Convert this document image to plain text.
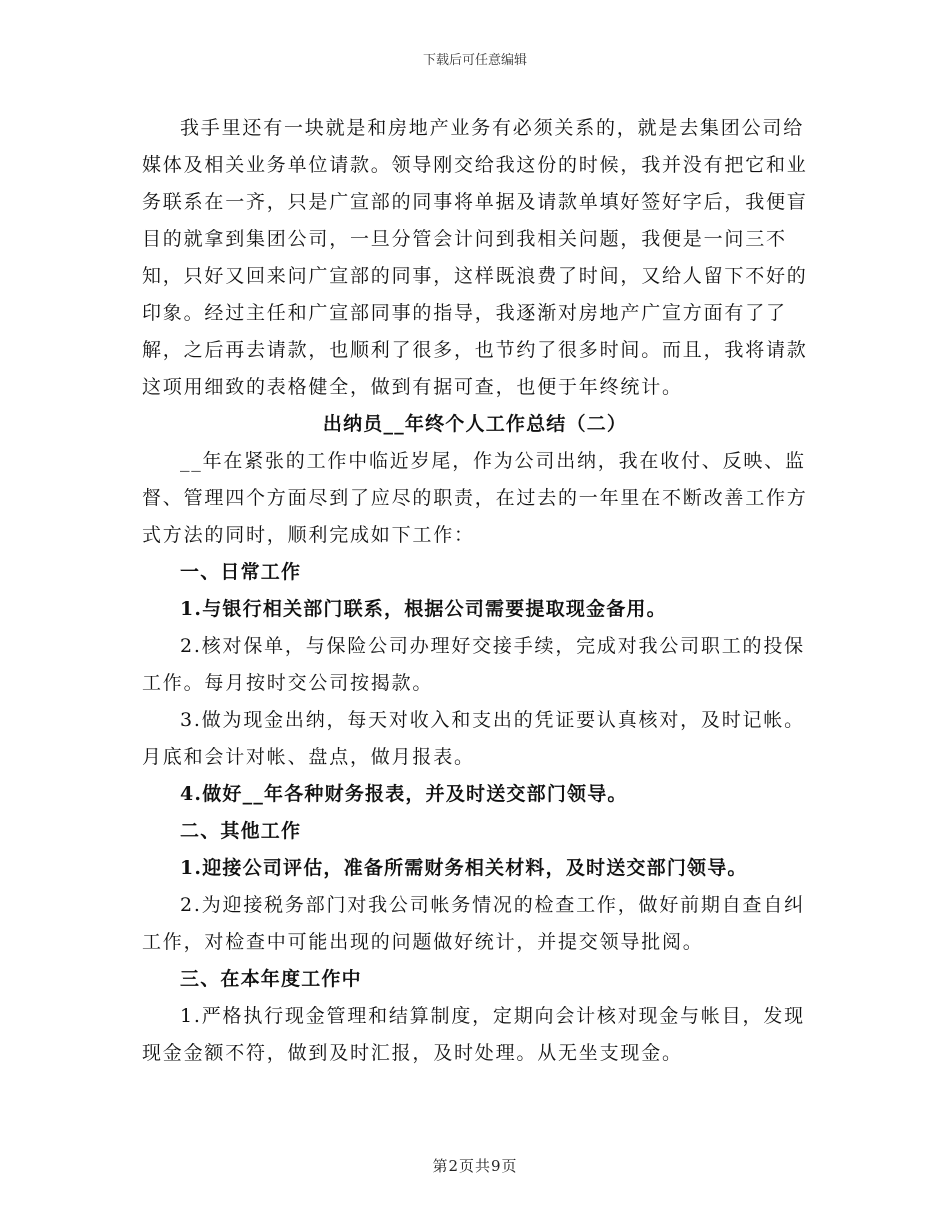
下载后可任意编辑

我手里还有一块就是和房地产业务有必须关系的，就是去集团公司给媒体及相关业务单位请款。领导刚交给我这份的时候，我并没有把它和业务联系在一齐，只是广宣部的同事将单据及请款单填好签好字后，我便盲目的就拿到集团公司，一旦分管会计问到我相关问题，我便是一问三不知，只好又回来问广宣部的同事，这样既浪费了时间，又给人留下不好的印象。经过主任和广宣部同事的指导，我逐渐对房地产广宣方面有了了解，之后再去请款，也顺利了很多，也节约了很多时间。而且，我将请款这项用细致的表格健全，做到有据可查，也便于年终统计。

出纳员__年终个人工作总结（二）

__年在紧张的工作中临近岁尾，作为公司出纳，我在收付、反映、监督、管理四个方面尽到了应尽的职责，在过去的一年里在不断改善工作方式方法的同时，顺利完成如下工作：

一、日常工作

1.与银行相关部门联系，根据公司需要提取现金备用。

2.核对保单，与保险公司办理好交接手续，完成对我公司职工的投保工作。每月按时交公司按揭款。

3.做为现金出纳，每天对收入和支出的凭证要认真核对，及时记帐。月底和会计对帐、盘点，做月报表。

4.做好__年各种财务报表，并及时送交部门领导。

二、其他工作

1.迎接公司评估，准备所需财务相关材料，及时送交部门领导。

2.为迎接税务部门对我公司帐务情况的检查工作，做好前期自查自纠工作，对检查中可能出现的问题做好统计，并提交领导批阅。

三、在本年度工作中

1.严格执行现金管理和结算制度，定期向会计核对现金与帐目，发现现金金额不符，做到及时汇报，及时处理。从无坐支现金。

第2页共9页
